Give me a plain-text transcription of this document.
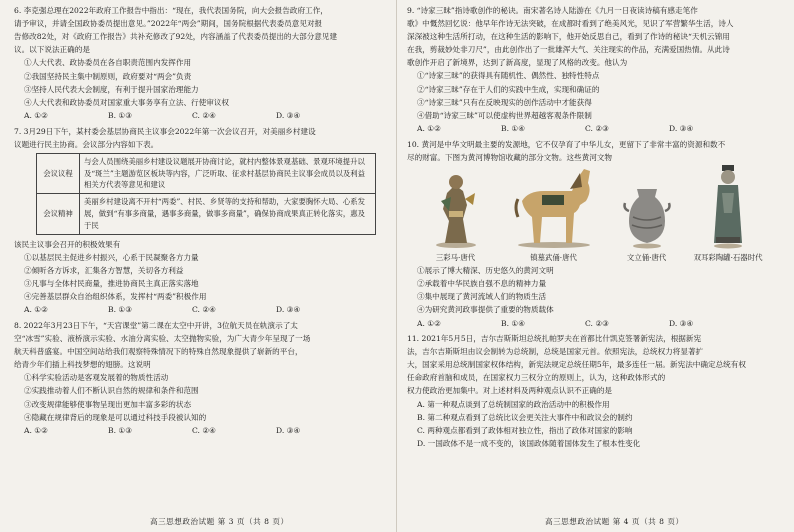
6. 李克强总理在2022年政府工作报告中指出：“现在，我代表国务院，向大会报告政府工作，

请予审议，并请全国政协委员提出意见。”2022年“两会”期间，国务院根据代表委员意见对报

告修改82处，对《政府工作报告》共补充修改了92处，内容涵盖了代表委员提出的大部分意见建

议。以下说法正确的是

①人大代表、政协委员在各自职责范围内发挥作用

②我国坚持民主集中制原则，政府要对“两会”负责

③坚持人民代表大会制度，有利于提升国家治理能力

④人大代表和政协委员对国家重大事务享有立法、行使审议权

A. ①②	B. ①③	C. ②④	D. ③④

7. 3月29日下午，某村委会基层协商民主议事会2022年第一次会议召开，对美丽乡村建设

议题进行民主协商。会议部分内容如下表。

会议议程	与会人员围绕美丽乡村建设议题展开协商讨论，就村内整体景观基础、景观环境提升以及“斑兰”主题游览区板块等内容，广泛听取、征求村基层协商民主议事会成员以及利益相关方代表等意见和建议
会议精神	美丽乡村建设离不开村“两委”、村民、乡贤等的支持和帮助，大家要胸怀大局、心系发展，做到“有事多商量，遇事多商量，做事多商量”，确保协商成果真正转化落实，惠及于民

该民主议事会召开的积极效果有

①以基层民主促进乡村振兴，心系于民凝聚各方力量

②倾听各方诉求，汇集各方智慧，关切各方利益

③凡事与全体村民商量，推进协商民主真正落实落地

④完善基层群众自治组织体系，发挥村“两委”积极作用

A. ①②	B. ①③	C. ②④	D. ③④

8. 2022年3月23日下午，“天宫课堂”第二课在太空中开讲，3位航天员在轨演示了太

空“冰雪”实验、液桥演示实验、水油分离实验、太空抛物实验，为广大青少年呈现了一场

航天科普盛宴。中国空间站给我们观察特殊情况下的特殊自然现象提供了崭新的平台，

给青少年们插上科技梦想的翅膀。这说明

①科学实验活动是客观发展着的物质性活动

②实践推动着人们不断认识自然的规律和条件和范围

③改变规律能够使事物呈现出更加丰富多彩的状态

④隐藏在规律背后的现象是可以通过科技手段被认知的

A. ①②	B. ①③	C. ②④	D. ③④

9. “诗家三昧”指诗歌创作的秘诀。南宋著名诗人陆游在《九月一日夜读诗稿有感走笔作

歌》中慨然回忆说：他早年作诗无法突破，在成都时看到了绝美风光，见识了军营繁华生活，诗人

深深被这种生活所打动，在这种生活的影响下，他开始反思自己，看到了作诗的秘诀“天机云锦用

在我，剪裁妙处非刀尺”，由此创作出了一批雄浑大气、关注现实的作品，充满爱国热情。从此诗

歌创作开启了新境界，达到了新高度，显现了风格的改变。他认为

①“诗家三昧”的获得具有随机性、偶然性、独特性特点

②“诗家三昧”存在于人们的实践中生成，实现和确证的

③“诗家三昧”只有在反映现实的创作活动中才能获得

④借助“诗家三昧”可以使虚构世界超越客观条件限制

A. ①②	B. ①④	C. ②③	D. ③④

10. 黄河是中华文明最主要的发源地，它不仅孕育了中华儿女，更留下了非常丰富的资源和数不

尽的财富。下图为黄河博物馆收藏的部分文物。这些黄河文物

三彩马·唐代	镇墓武俑·唐代	文立俑·唐代	双耳彩陶罐·石器时代

①展示了博大精深、历史悠久的黄河文明

②承载着中华民族自强不息的精神力量

③集中展现了黄河流域人们的物质生活

④为研究黄河政事提供了重要的物质载体

A. ①②	B. ①④	C. ②③	D. ③④

11. 2021年5月5日，吉尔吉斯斯坦总统扎帕罗夫在首都比什凯克签署新宪法，根据新宪

法，吉尔吉斯斯坦由议会制转为总统制，总统是国家元首。依照宪法，总统权力将显著扩

大，国家采用总统制国家权体结构，新宪法规定总统任期5年，最多连任一届。新宪法中确定总统有权

任命政府首脑和成员，在国家权力三权分立的原则上，认为，这种政体形式的

权力使政治更加集中。对上述材料及两种观点认识不正确的是

A. 第一种观点谈到了总统制国家的政治活动中的积极作用

B. 第二种观点看到了总统比议会更关注大事件中和政议会的制约

C. 两种观点都看到了政体相对独立性，指出了政体对国家的影响

D. 一国政体不是一成不变的，该国政体随着国体发生了根本性变化

高三思想政治试题 第 3 页（共 8 页）	高三思想政治试题 第 4 页（共 8 页）
